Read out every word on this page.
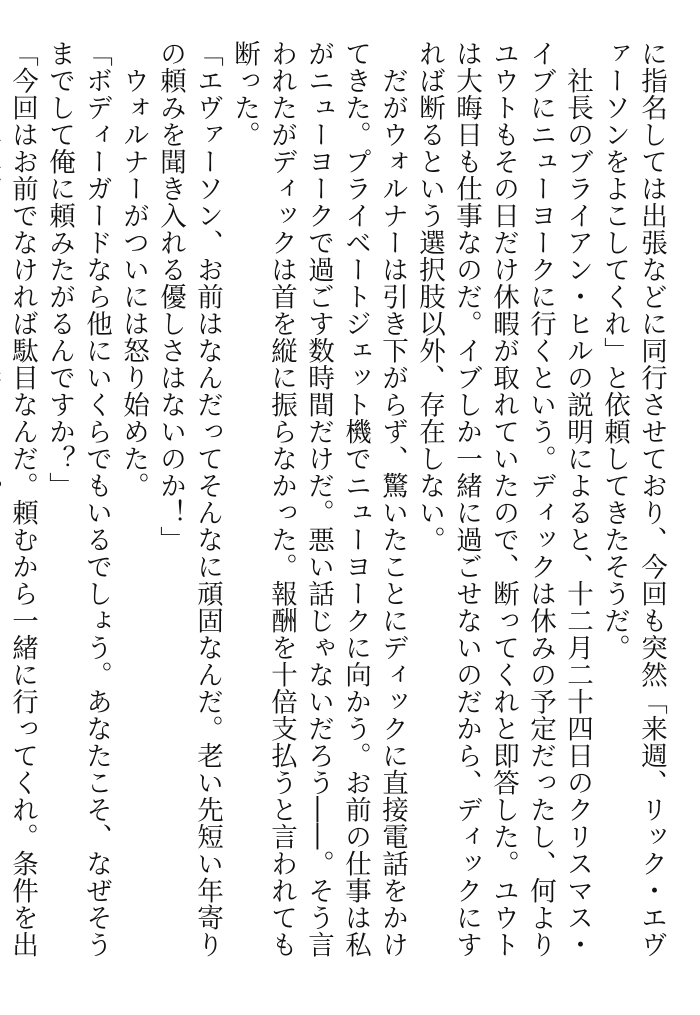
に指名しては出張などに同行させており、今回も突然「来週、リック・エヴァーソンをよこしてくれ」と依頼してきたそうだ。

社長のブライアン・ヒルの説明によると、十二月二十四日のクリスマス・イブにニューヨークに行くという。ディックは休みの予定だったし、何よりユウトもその日だけ休暇が取れていたので、断ってくれと即答した。ユウトは大晦日も仕事なのだ。イブしか一緒に過ごせないのだから、ディックにすれば断るという選択肢以外、存在しない。

だがウォルナーは引き下がらず、驚いたことにディックに直接電話をかけてきた。プライベートジェット機でニューヨークに向かう。お前の仕事は私がニューヨークで過ごす数時間だけだ。悪い話じゃないだろう――。そう言われたがディックは首を縦に振らなかった。報酬を十倍支払うと言われても断った。

「エヴァーソン、お前はなんだってそんなに頑固なんだ。老い先短い年寄りの頼みを聞き入れる優しさはないのか！」

ウォルナーがついには怒り始めた。

「ボディーガードなら他にいくらでもいるでしょう。あなたこそ、なぜそうまでして俺に頼みたがるんですか？」

「今回はお前でなければ駄目なんだ。頼むから一緒に行ってくれ。条件を出
